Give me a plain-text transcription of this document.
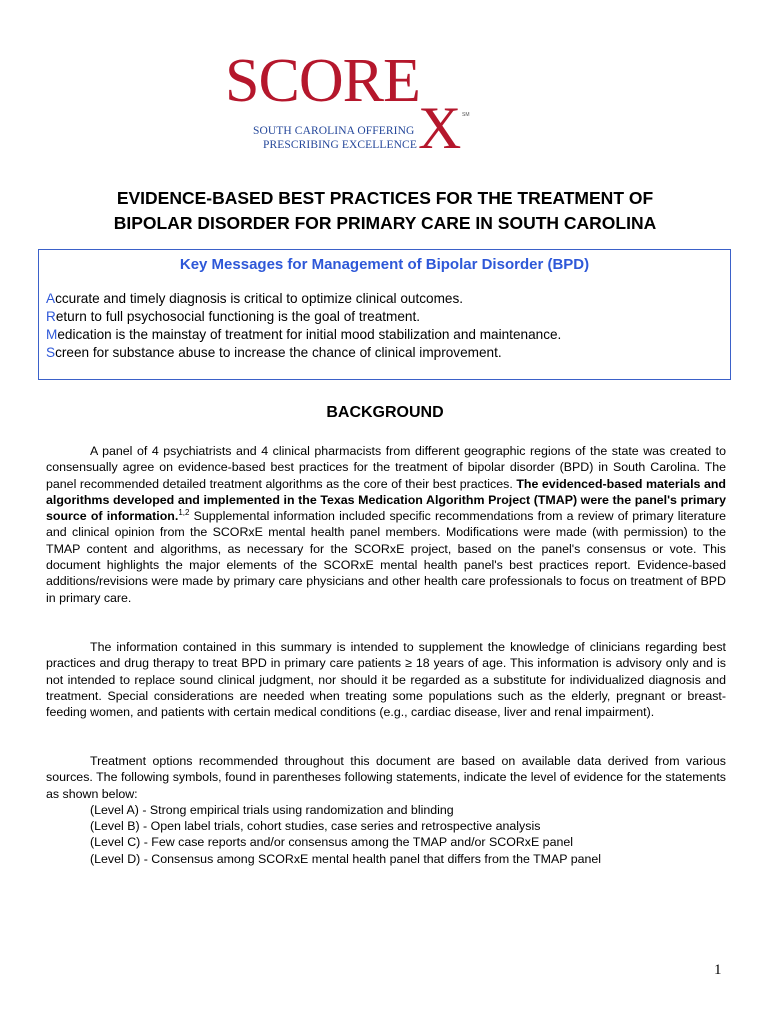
SCORE
X SM
SOUTH CAROLINA OFFERING
PRESCRIBING EXCELLENCE
EVIDENCE-BASED BEST PRACTICES FOR THE TREATMENT OF
BIPOLAR DISORDER FOR PRIMARY CARE IN SOUTH CAROLINA
Key Messages for Management of Bipolar Disorder (BPD)
Accurate and timely diagnosis is critical to optimize clinical outcomes.
Return to full psychosocial functioning is the goal of treatment.
Medication is the mainstay of treatment for initial mood stabilization and maintenance.
Screen for substance abuse to increase the chance of clinical improvement.
BACKGROUND

A panel of 4 psychiatrists and 4 clinical pharmacists from different geographic regions of the state was created to consensually agree on evidence-based best practices for the treatment of bipolar disorder (BPD) in South Carolina. The panel recommended detailed treatment algorithms as the core of their best practices. The evidenced-based materials and algorithms developed and implemented in the Texas Medication Algorithm Project (TMAP) were the panel's primary source of information.$^{1,2}$ Supplemental information included specific recommendations from a review of primary literature and clinical opinion from the SCORxE mental health panel members. Modifications were made (with permission) to the TMAP content and algorithms, as necessary for the SCORxE project, based on the panel's consensus or vote. This document highlights the major elements of the SCORxE mental health panel's best practices report. Evidence-based additions/revisions were made by primary care physicians and other health care professionals to focus on treatment of BPD in primary care.

The information contained in this summary is intended to supplement the knowledge of clinicians regarding best practices and drug therapy to treat BPD in primary care patients ≥ 18 years of age. This information is advisory only and is not intended to replace sound clinical judgment, nor should it be regarded as a substitute for individualized diagnosis and treatment. Special considerations are needed when treating some populations such as the elderly, pregnant or breast-feeding women, and patients with certain medical conditions (e.g., cardiac disease, liver and renal impairment).

Treatment options recommended throughout this document are based on available data derived from various sources. The following symbols, found in parentheses following statements, indicate the level of evidence for the statements as shown below:
(Level A) - Strong empirical trials using randomization and blinding
(Level B) - Open label trials, cohort studies, case series and retrospective analysis
(Level C) - Few case reports and/or consensus among the TMAP and/or SCORxE panel
(Level D) - Consensus among SCORxE mental health panel that differs from the TMAP panel
1
